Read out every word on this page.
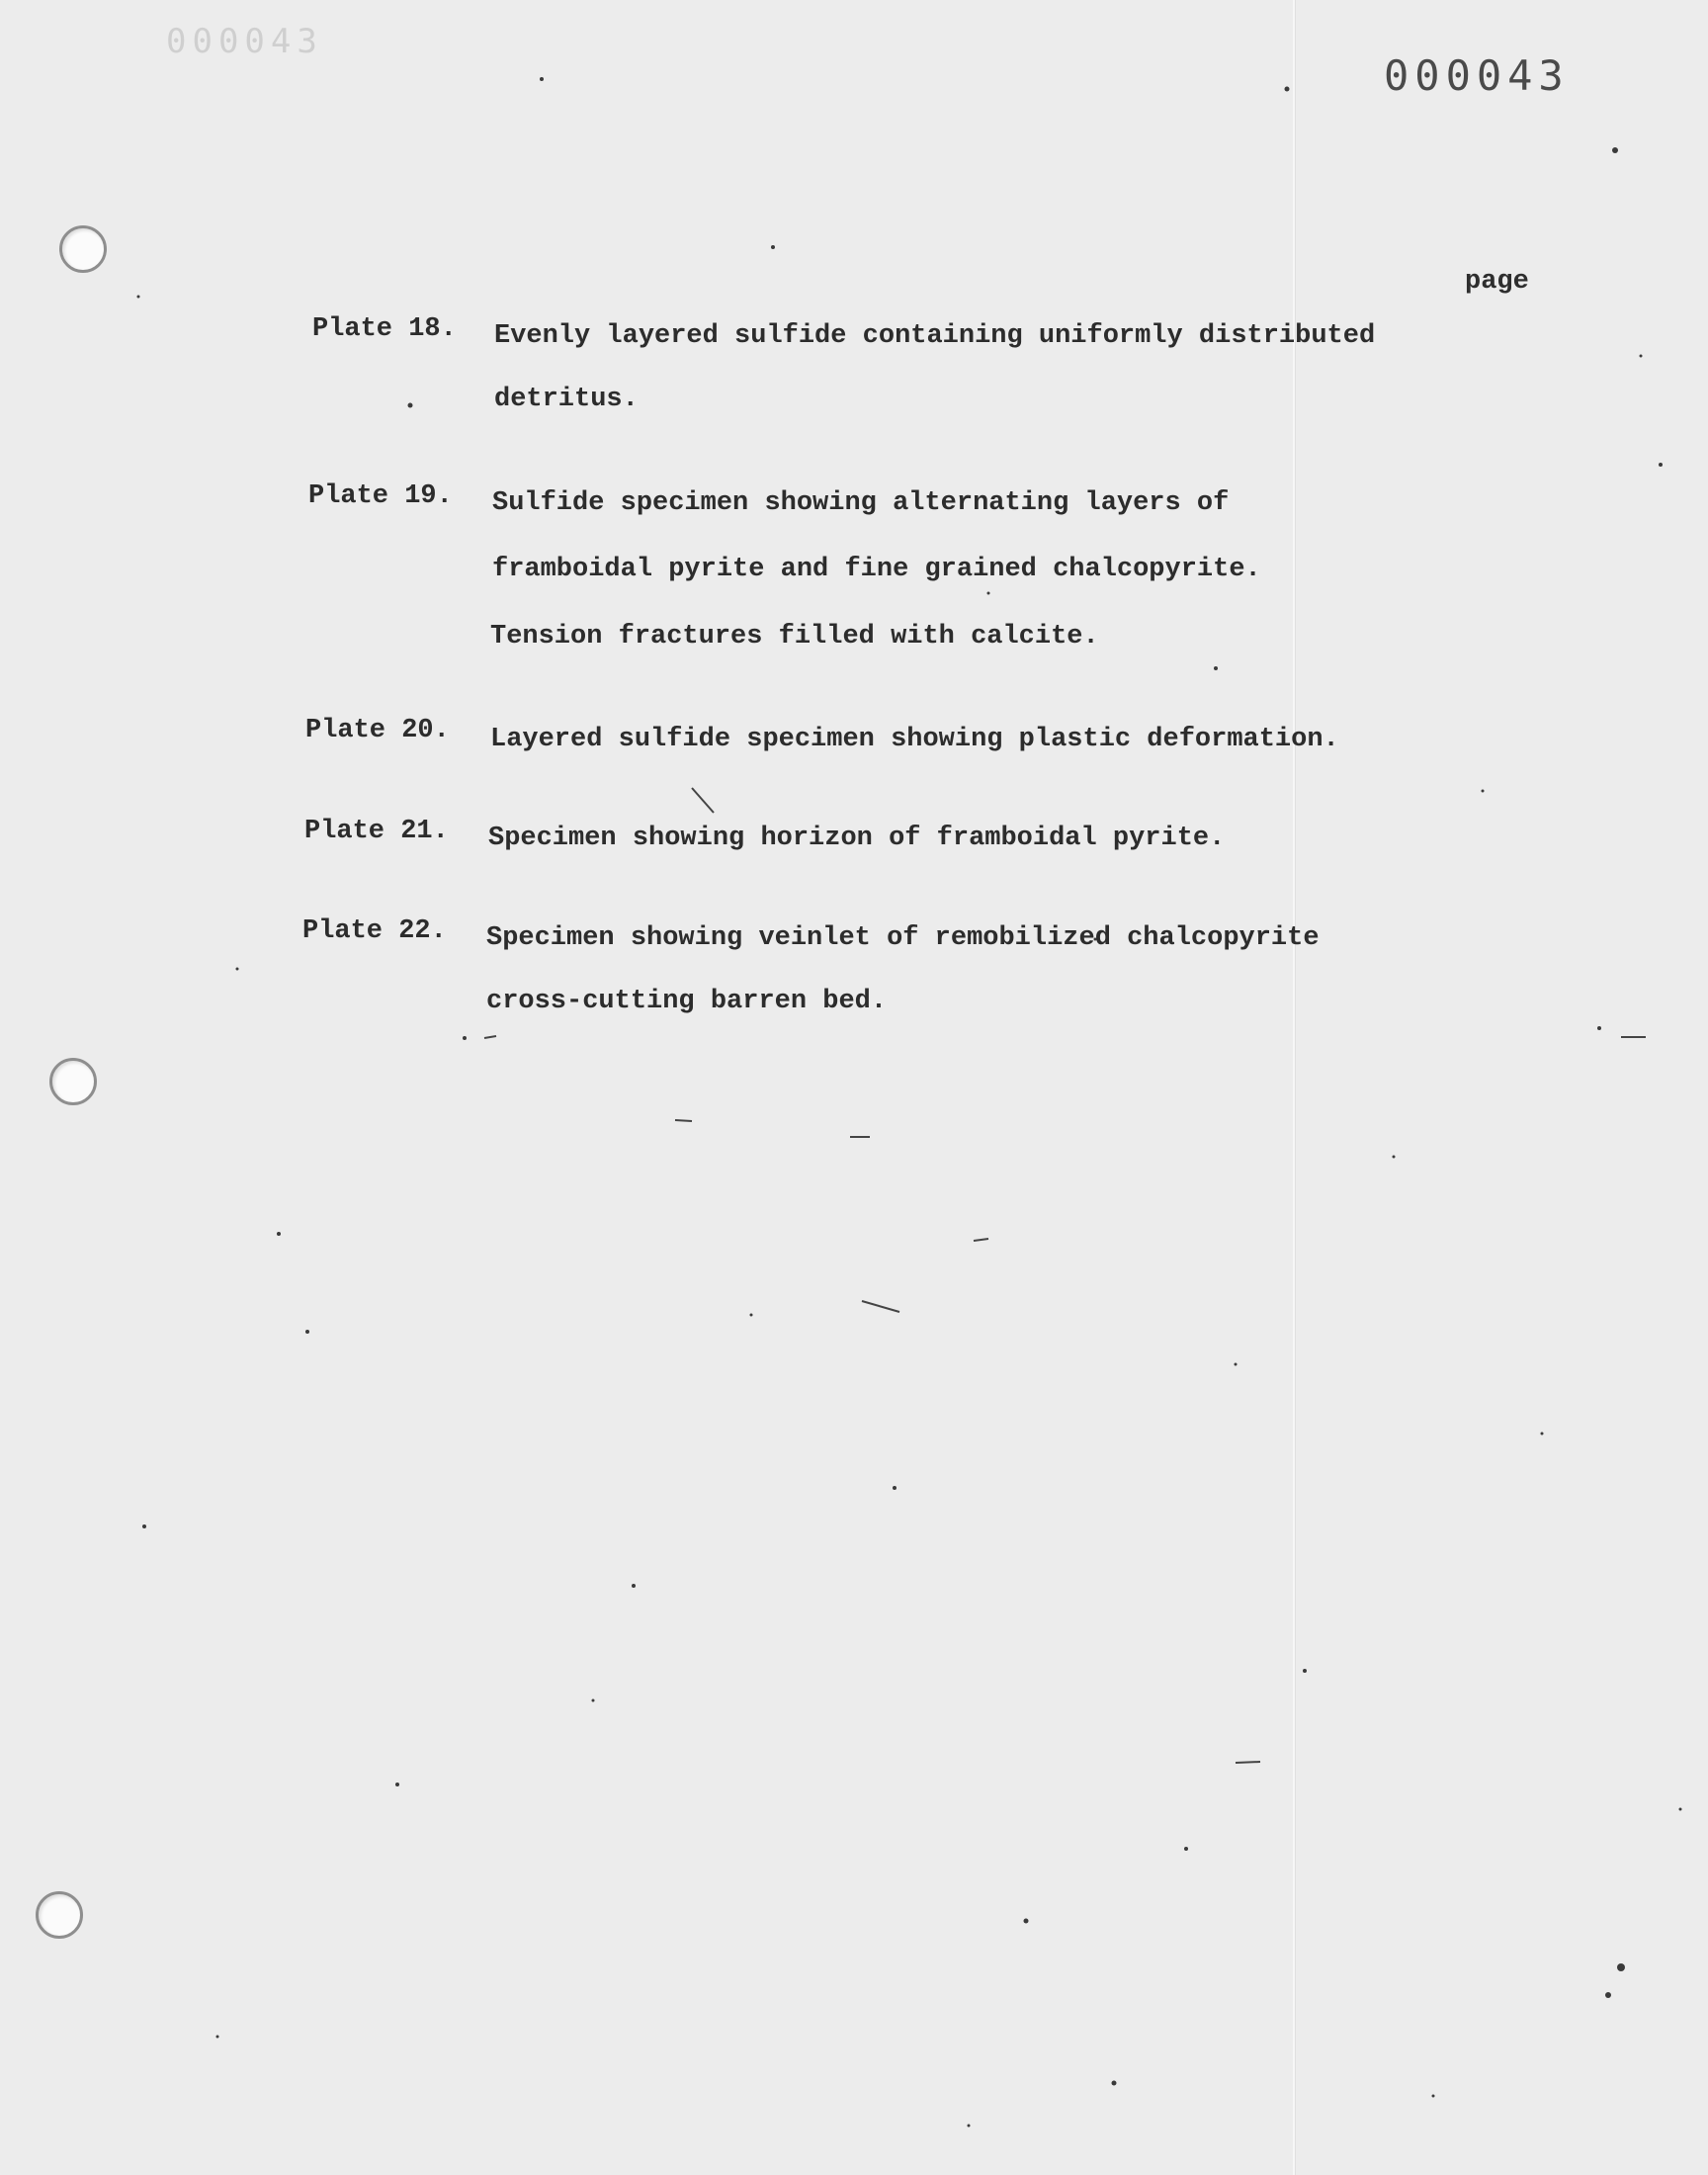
000043
000043
page
Plate 18. Evenly layered sulfide containing uniformly distributed
detritus.
Plate 19. Sulfide specimen showing alternating layers of
framboidal pyrite and fine grained chalcopyrite.
Tension fractures filled with calcite.
Plate 20. Layered sulfide specimen showing plastic deformation.
Plate 21. Specimen showing horizon of framboidal pyrite.
Plate 22. Specimen showing veinlet of remobilized chalcopyrite
cross-cutting barren bed.
